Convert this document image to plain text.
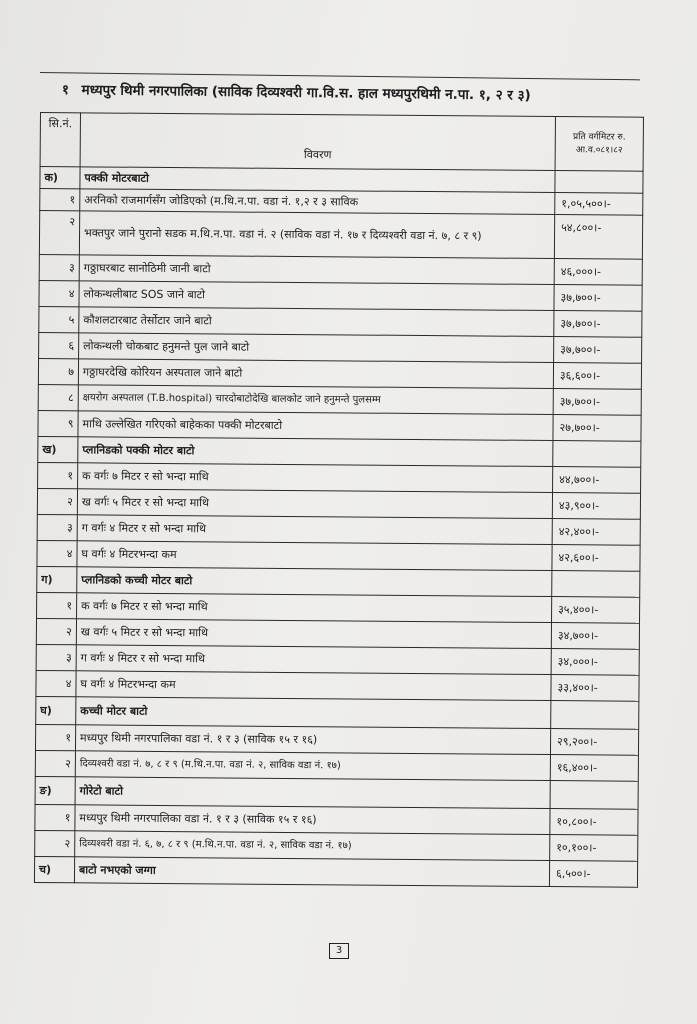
१ मध्यपुर थिमी नगरपालिका (साविक दिव्यश्वरी गा.वि.स. हाल मध्यपुरथिमी न.पा. १, २ र ३)
सि.नं.	विवरण	प्रति वर्गमिटर रु.
आ.व.०८१।८२

क)	पक्की मोटरबाटो	
१	अरनिको राजमार्गसँग जोडिएको (म.थि.न.पा. वडा नं. १,२ र ३ साविक	१,०५,५००।-
२	भक्तपुर जाने पुरानो सडक म.थि.न.पा. वडा नं. २ (साविक वडा नं. १७ र दिव्यश्वरी वडा नं. ७, ८ र ९)	५४,८००।-
३	गठ्ठाघरबाट सानोठिमी जानी बाटो	४६,०००।-
४	लोकन्थलीबाट SOS जाने बाटो	३७,७००।-
५	कौशलटारबाट तेर्सोटार जाने बाटो	३७,७००।-
६	लोकन्थली चोकबाट हनुमन्ते पुल जाने बाटो	३७,७००।-
७	गठ्ठाघरदेखि कोरियन अस्पताल जाने बाटो	३६,६००।-
८	क्षयरोग अस्पताल (T.B.hospital) चारदोबाटोदेखि बालकोट जाने हनुमन्ते पुलसम्म	३७,७००।-
९	माथि उल्लेखित गरिएको बाहेकका पक्की मोटरबाटो	२७,७००।-
ख)	प्लानिडको पक्की मोटर बाटो	
१	क वर्गः ७ मिटर र सो भन्दा माथि	४४,७००।-
२	ख वर्गः ५ मिटर र सो भन्दा माथि	४३,९००।-
३	ग वर्गः ४ मिटर र सो भन्दा माथि	४२,४००।-
४	घ वर्गः ४ मिटरभन्दा कम	४२,६००।-
ग)	प्लानिडको कच्ची मोटर बाटो	
१	क वर्गः ७ मिटर र सो भन्दा माथि	३५,४००।-
२	ख वर्गः ५ मिटर र सो भन्दा माथि	३४,७००।-
३	ग वर्गः ४ मिटर र सो भन्दा माथि	३४,०००।-
४	घ वर्गः ४ मिटरभन्दा कम	३३,४००।-
घ)	कच्ची मोटर बाटो	
१	मध्यपुर थिमी नगरपालिका वडा नं. १ र ३ (साविक १५ र १६)	२९,२००।-
२	दिव्यश्वरी वडा नं. ७, ८ र ९ (म.थि.न.पा. वडा नं. २, साविक वडा नं. १७)	१६,४००।-
ङ)	गोरेटो बाटो	
१	मध्यपुर थिमी नगरपालिका वडा नं. १ र ३ (साविक १५ र १६)	१०,८००।-
२	दिव्यश्वरी वडा नं. ६, ७, ८ र ९ (म.थि.न.पा. वडा नं. २, साविक वडा नं. १७)	१०,१००।-
च)	बाटो नभएको जग्गा	६,५००।-
3
